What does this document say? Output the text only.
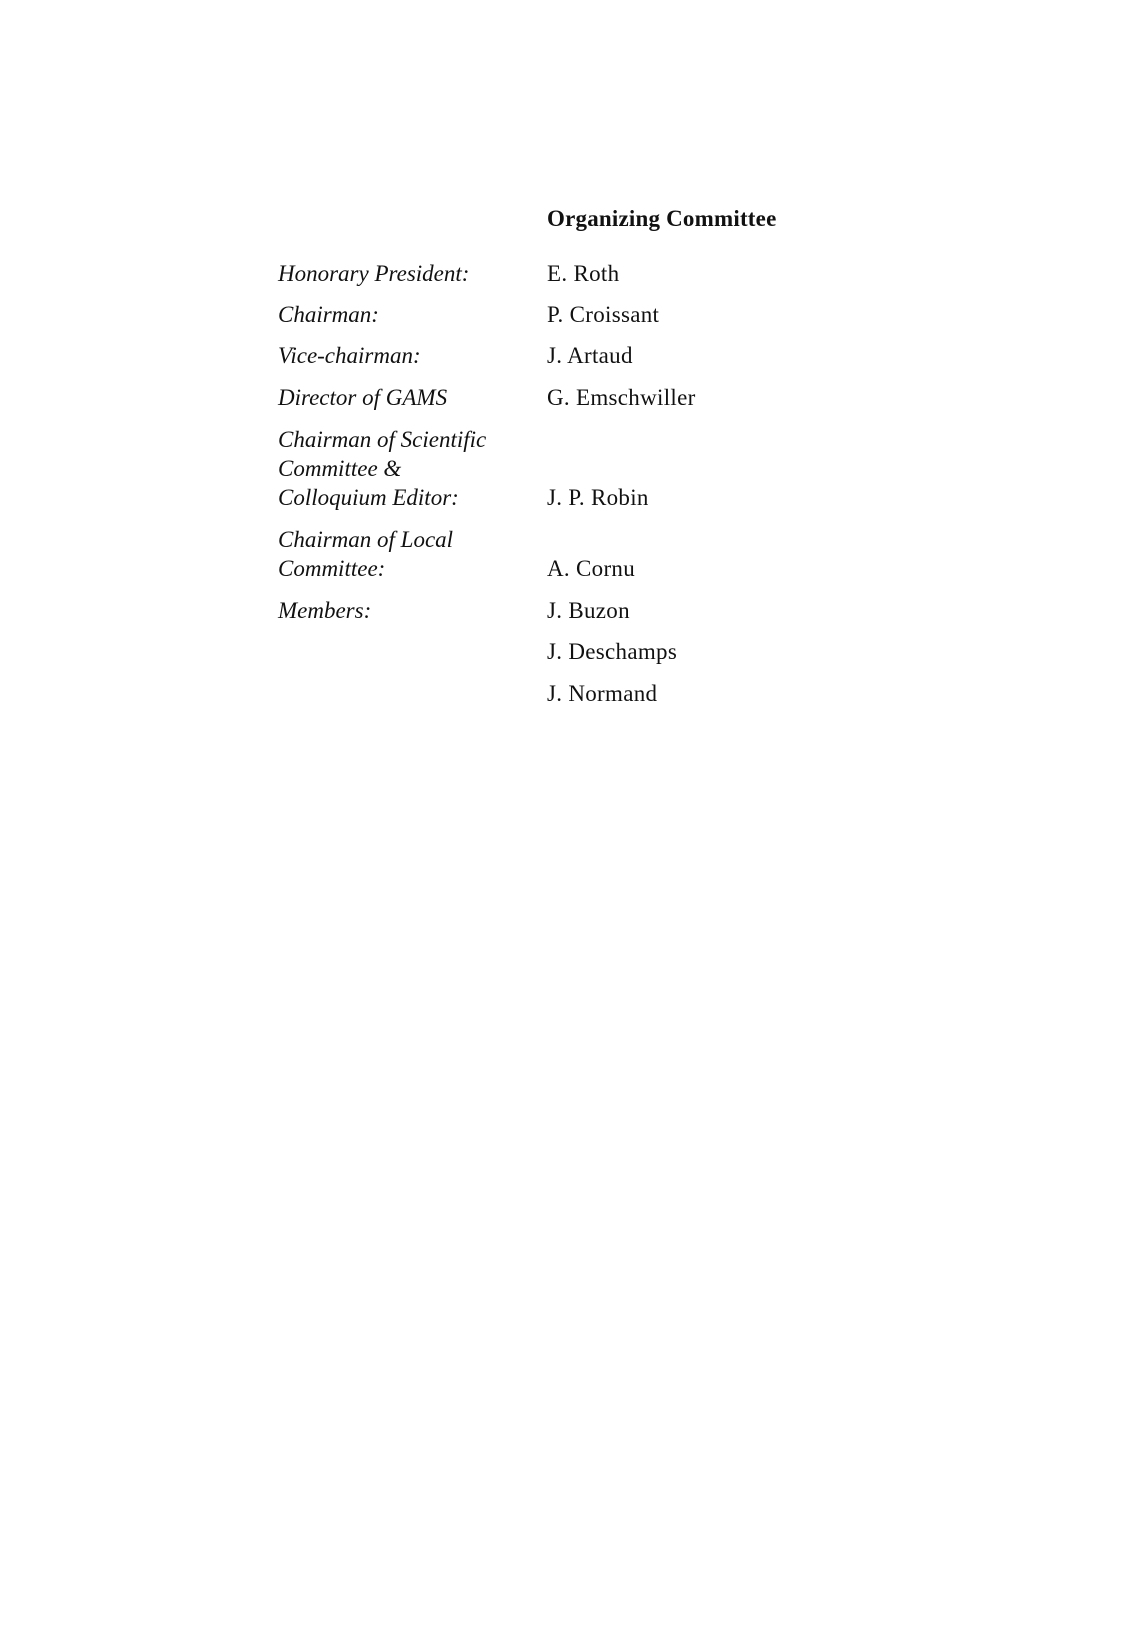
Organizing Committee
Honorary President:	E. Roth
Chairman:	P. Croissant
Vice-chairman:	J. Artaud
Director of GAMS	G. Emschwiller
Chairman of Scientific
Committee &
Colloquium Editor:	J. P. Robin
Chairman of Local
Committee:	A. Cornu
Members:	J. Buzon
J. Deschamps
J. Normand
